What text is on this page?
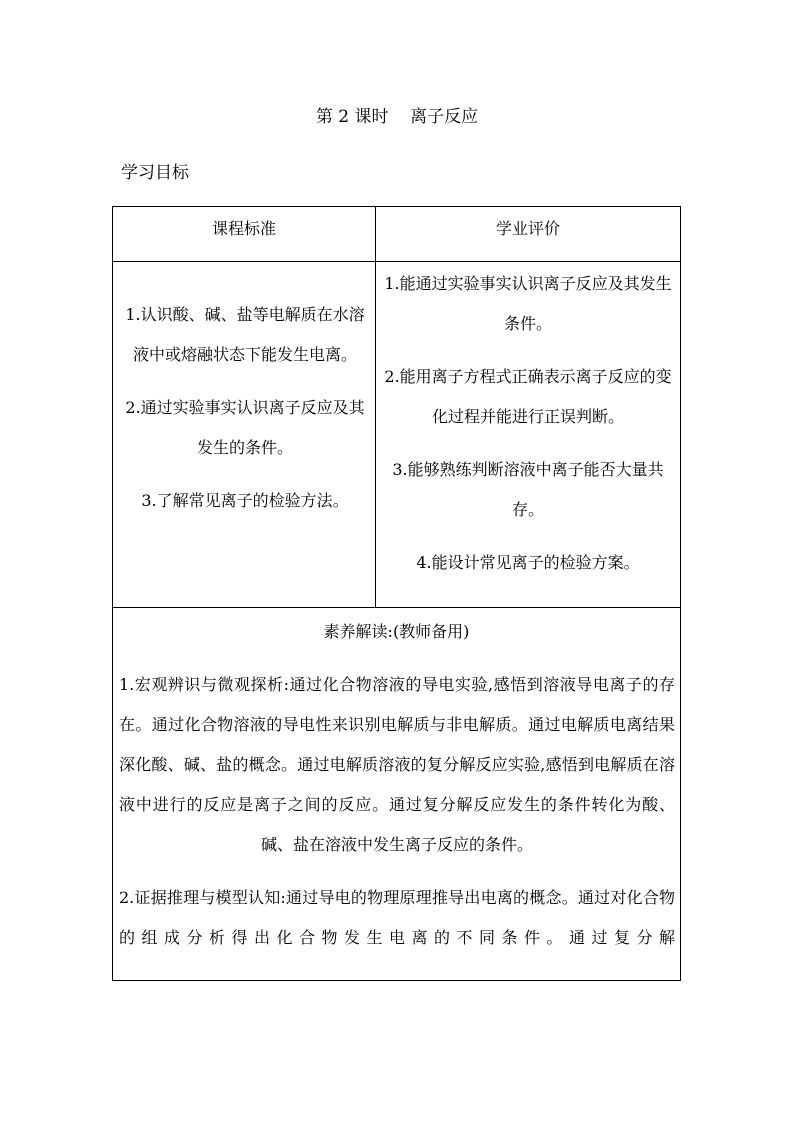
第 2 课时    离子反应
学习目标
课程标准	学业评价
1.认识酸、碱、盐等电解质在水溶液中或熔融状态下能发生电离。
2.通过实验事实认识离子反应及其发生的条件。
3.了解常见离子的检验方法。
1.能通过实验事实认识离子反应及其发生条件。
2.能用离子方程式正确表示离子反应的变化过程并能进行正误判断。
3.能够熟练判断溶液中离子能否大量共存。
4.能设计常见离子的检验方案。
素养解读:(教师备用)
1.宏观辨识与微观探析:通过化合物溶液的导电实验,感悟到溶液导电离子的存在。通过化合物溶液的导电性来识别电解质与非电解质。通过电解质电离结果深化酸、碱、盐的概念。通过电解质溶液的复分解反应实验,感悟到电解质在溶液中进行的反应是离子之间的反应。通过复分解反应发生的条件转化为酸、碱、盐在溶液中发生离子反应的条件。
2.证据推理与模型认知:通过导电的物理原理推导出电离的概念。通过对化合物的组成分析得出化合物发生电离的不同条件。通过复分解
